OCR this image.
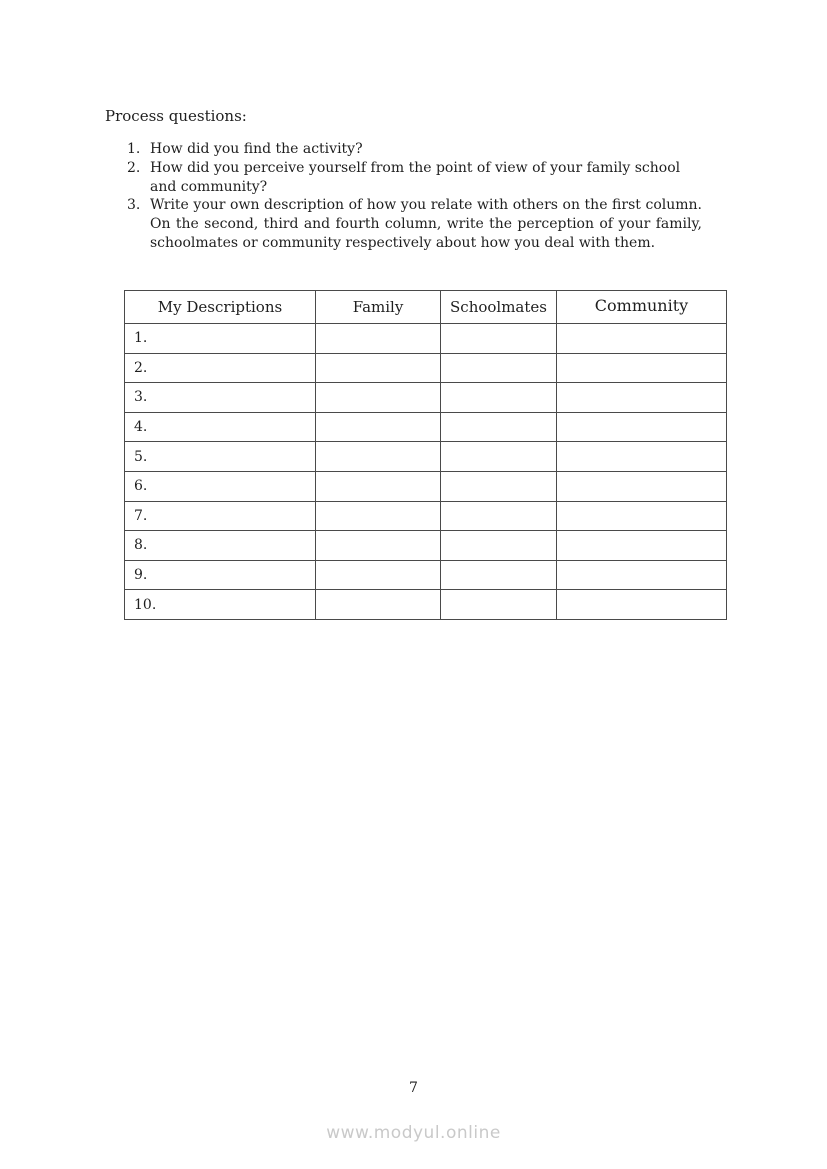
Process questions:
1. How did you find the activity?
2. How did you perceive yourself from the point of view of your family school and community?
3. Write your own description of how you relate with others on the first column. On the second, third and fourth column, write the perception of your family, schoolmates or community respectively about how you deal with them.
My Descriptions	Family	Schoolmates	Community
1.			
2.			
3.			
4.			
5.			
6.			
7.			
8.			
9.			
10.			
7
www.modyul.online
